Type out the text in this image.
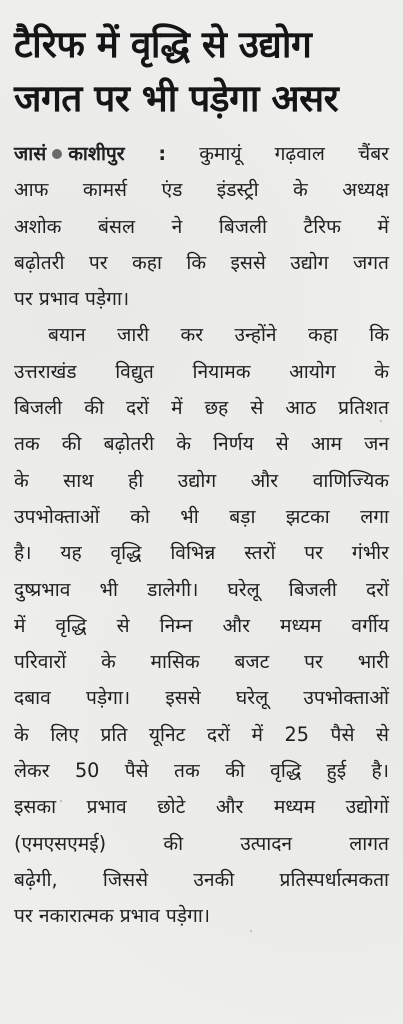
टैरिफ में वृद्धि से उद्योग
जगत पर भी पड़ेगा असर
जासं काशीपुर : कुमायूं गढ़वाल चैंबर
आफ कामर्स एंड इंडस्ट्री के अध्यक्ष
अशोक बंसल ने बिजली टैरिफ में
बढ़ोतरी पर कहा कि इससे उद्योग जगत
पर प्रभाव पड़ेगा।
बयान जारी कर उन्होंने कहा कि
उत्तराखंड विद्युत नियामक आयोग के
बिजली की दरों में छह से आठ प्रतिशत
तक की बढ़ोतरी के निर्णय से आम जन
के साथ ही उद्योग और वाणिज्यिक
उपभोक्ताओं को भी बड़ा झटका लगा
है। यह वृद्धि विभिन्न स्तरों पर गंभीर
दुष्प्रभाव भी डालेगी। घरेलू बिजली दरों
में वृद्धि से निम्न और मध्यम वर्गीय
परिवारों के मासिक बजट पर भारी
दबाव पड़ेगा। इससे घरेलू उपभोक्ताओं
के लिए प्रति यूनिट दरों में 25 पैसे से
लेकर 50 पैसे तक की वृद्धि हुई है।
इसका प्रभाव छोटे और मध्यम उद्योगों
(एमएसएमई) की उत्पादन लागत
बढ़ेगी, जिससे उनकी प्रतिस्पर्धात्मकता
पर नकारात्मक प्रभाव पड़ेगा।
